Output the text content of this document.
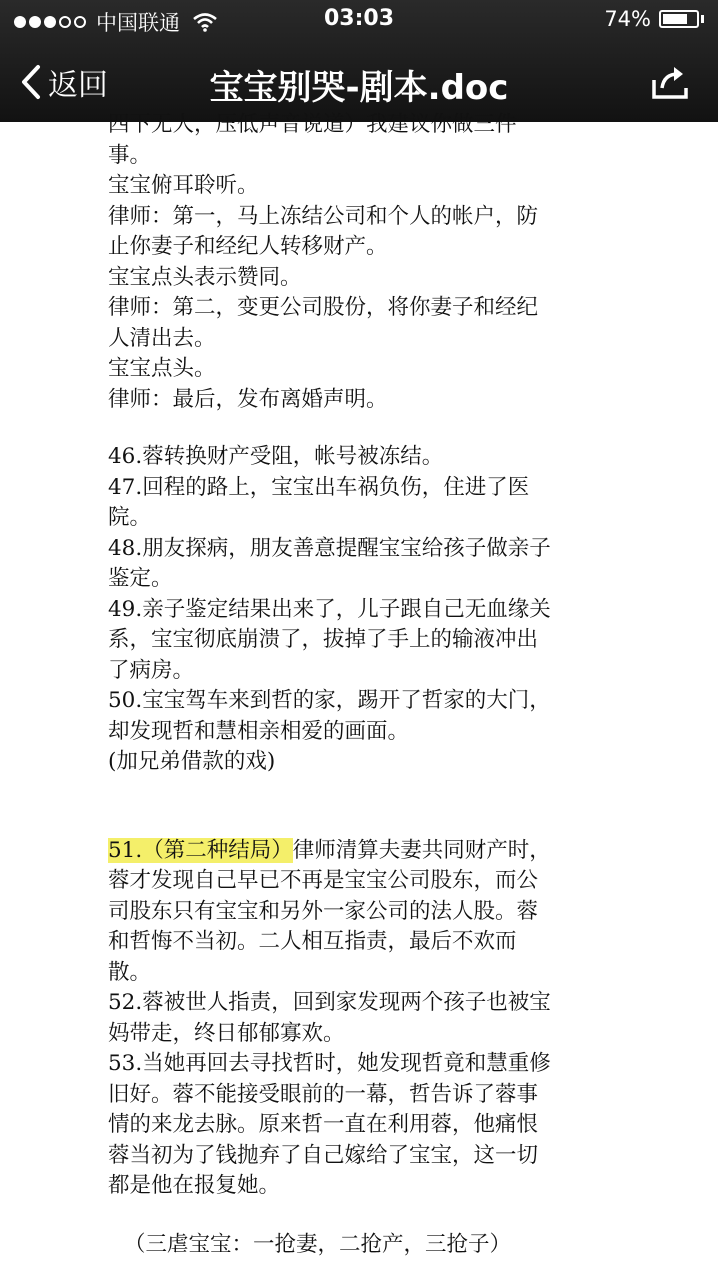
中国联通	03:03	74%
返回	宝宝别哭-剧本.doc

四下无人，压低声音说道）我建议你做三件

事。

宝宝俯耳聆听。

律师：第一，马上冻结公司和个人的帐户，防

止你妻子和经纪人转移财产。

宝宝点头表示赞同。

律师：第二，变更公司股份，将你妻子和经纪

人清出去。

宝宝点头。

律师：最后，发布离婚声明。

46.蓉转换财产受阻，帐号被冻结。

47.回程的路上，宝宝出车祸负伤，住进了医

院。

48.朋友探病，朋友善意提醒宝宝给孩子做亲子

鉴定。

49.亲子鉴定结果出来了，儿子跟自己无血缘关

系，宝宝彻底崩溃了，拔掉了手上的输液冲出

了病房。

50.宝宝驾车来到哲的家，踢开了哲家的大门，

却发现哲和慧相亲相爱的画面。

(加兄弟借款的戏)

51.（第二种结局）律师清算夫妻共同财产时，

蓉才发现自己早已不再是宝宝公司股东，而公

司股东只有宝宝和另外一家公司的法人股。蓉

和哲悔不当初。二人相互指责，最后不欢而

散。

52.蓉被世人指责，回到家发现两个孩子也被宝

妈带走，终日郁郁寡欢。

53.当她再回去寻找哲时，她发现哲竟和慧重修

旧好。蓉不能接受眼前的一幕，哲告诉了蓉事

情的来龙去脉。原来哲一直在利用蓉，他痛恨

蓉当初为了钱抛弃了自己嫁给了宝宝，这一切

都是他在报复她。

（三虐宝宝：一抢妻，二抢产，三抢子）
